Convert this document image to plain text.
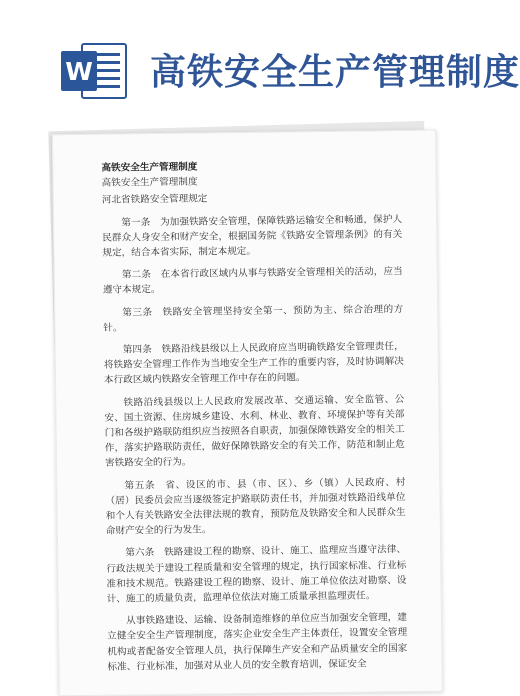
W 高铁安全生产管理制度

高铁安全生产管理制度

高铁安全生产管理制度

河北省铁路安全管理规定

第一条　为加强铁路安全管理，保障铁路运输安全和畅通，保护人民群众人身安全和财产安全，根据国务院《铁路安全管理条例》的有关规定，结合本省实际，制定本规定。

第二条　在本省行政区域内从事与铁路安全管理相关的活动，应当遵守本规定。

第三条　铁路安全管理坚持安全第一、预防为主、综合治理的方针。

第四条　铁路沿线县级以上人民政府应当明确铁路安全管理责任，将铁路安全管理工作作为当地安全生产工作的重要内容，及时协调解决本行政区域内铁路安全管理工作中存在的问题。

铁路沿线县级以上人民政府发展改革、交通运输、安全监管、公安、国土资源、住房城乡建设、水利、林业、教育、环境保护等有关部门和各级护路联防组织应当按照各自职责，加强保障铁路安全的相关工作，落实护路联防责任，做好保障铁路安全的有关工作，防范和制止危害铁路安全的行为。

第五条　省、设区的市、县（市、区）、乡（镇）人民政府、村（居）民委员会应当逐级签定护路联防责任书，并加强对铁路沿线单位和个人有关铁路安全法律法规的教育，预防危及铁路安全和人民群众生命财产安全的行为发生。

第六条　铁路建设工程的勘察、设计、施工、监理应当遵守法律、行政法规关于建设工程质量和安全管理的规定，执行国家标准、行业标准和技术规范。铁路建设工程的勘察、设计、施工单位依法对勘察、设计、施工的质量负责，监理单位依法对施工质量承担监理责任。

从事铁路建设、运输、设备制造维修的单位应当加强安全管理，建立健全安全生产管理制度，落实企业安全生产主体责任，设置安全管理机构或者配备安全管理人员，执行保障生产安全和产品质量安全的国家标准、行业标准，加强对从业人员的安全教育培训，保证安全
